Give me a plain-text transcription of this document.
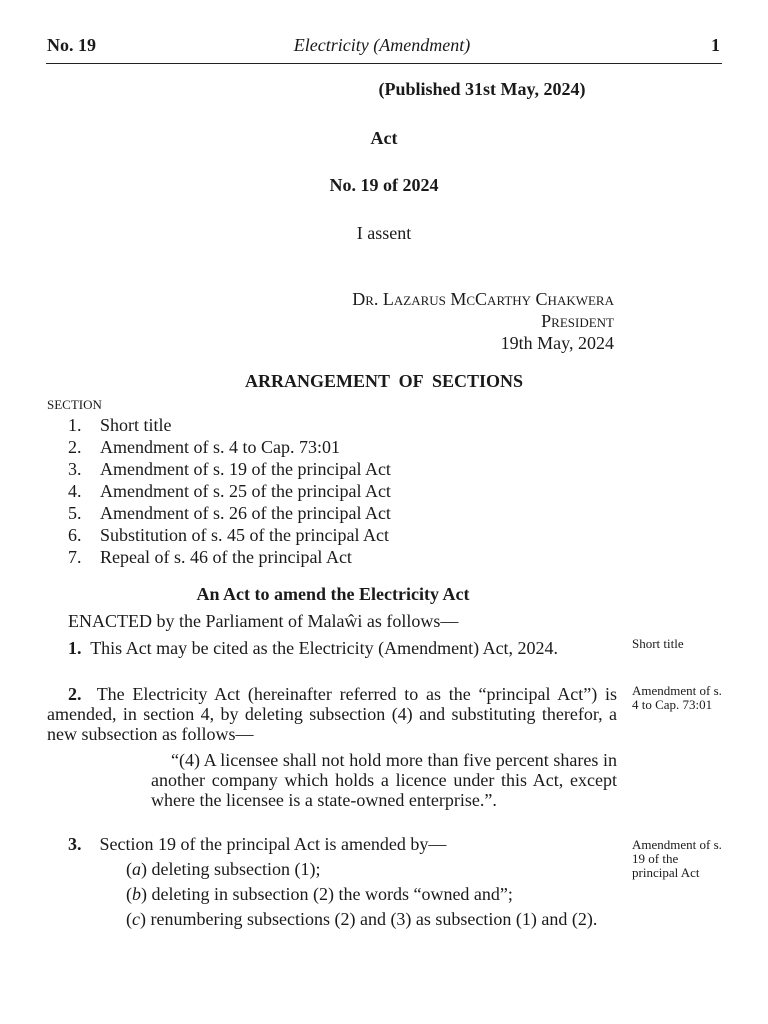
No. 19	Electricity (Amendment)	1
(Published 31st May, 2024)
Act
No. 19 of 2024
I assent
Dr. Lazarus McCarthy Chakwera
President
19th May, 2024
ARRANGEMENT  OF  SECTIONS
SECTION
1. Short title
2. Amendment of s. 4 to Cap. 73:01
3. Amendment of s. 19 of the principal Act
4. Amendment of s. 25 of the principal Act
5. Amendment of s. 26 of the principal Act
6. Substitution of s. 45 of the principal Act
7. Repeal of s. 46 of the principal Act
An Act to amend the Electricity Act
ENACTED by the Parliament of Malaŵi as follows—
1. This Act may be cited as the Electricity (Amendment) Act, 2024.	Short title
2. The Electricity Act (hereinafter referred to as the “principal Act”) is amended, in section 4, by deleting subsection (4) and substituting therefor, a new subsection as follows—
Amendment of s. 4 to Cap. 73:01
“(4) A licensee shall not hold more than five percent shares in another company which holds a licence under this Act, except where the licensee is a state-owned enterprise.”.
3. Section 19 of the principal Act is amended by—	Amendment of s. 19 of the principal Act
(a) deleting subsection (1);
(b) deleting in subsection (2) the words “owned and”;
(c) renumbering subsections (2) and (3) as subsection (1) and (2).
